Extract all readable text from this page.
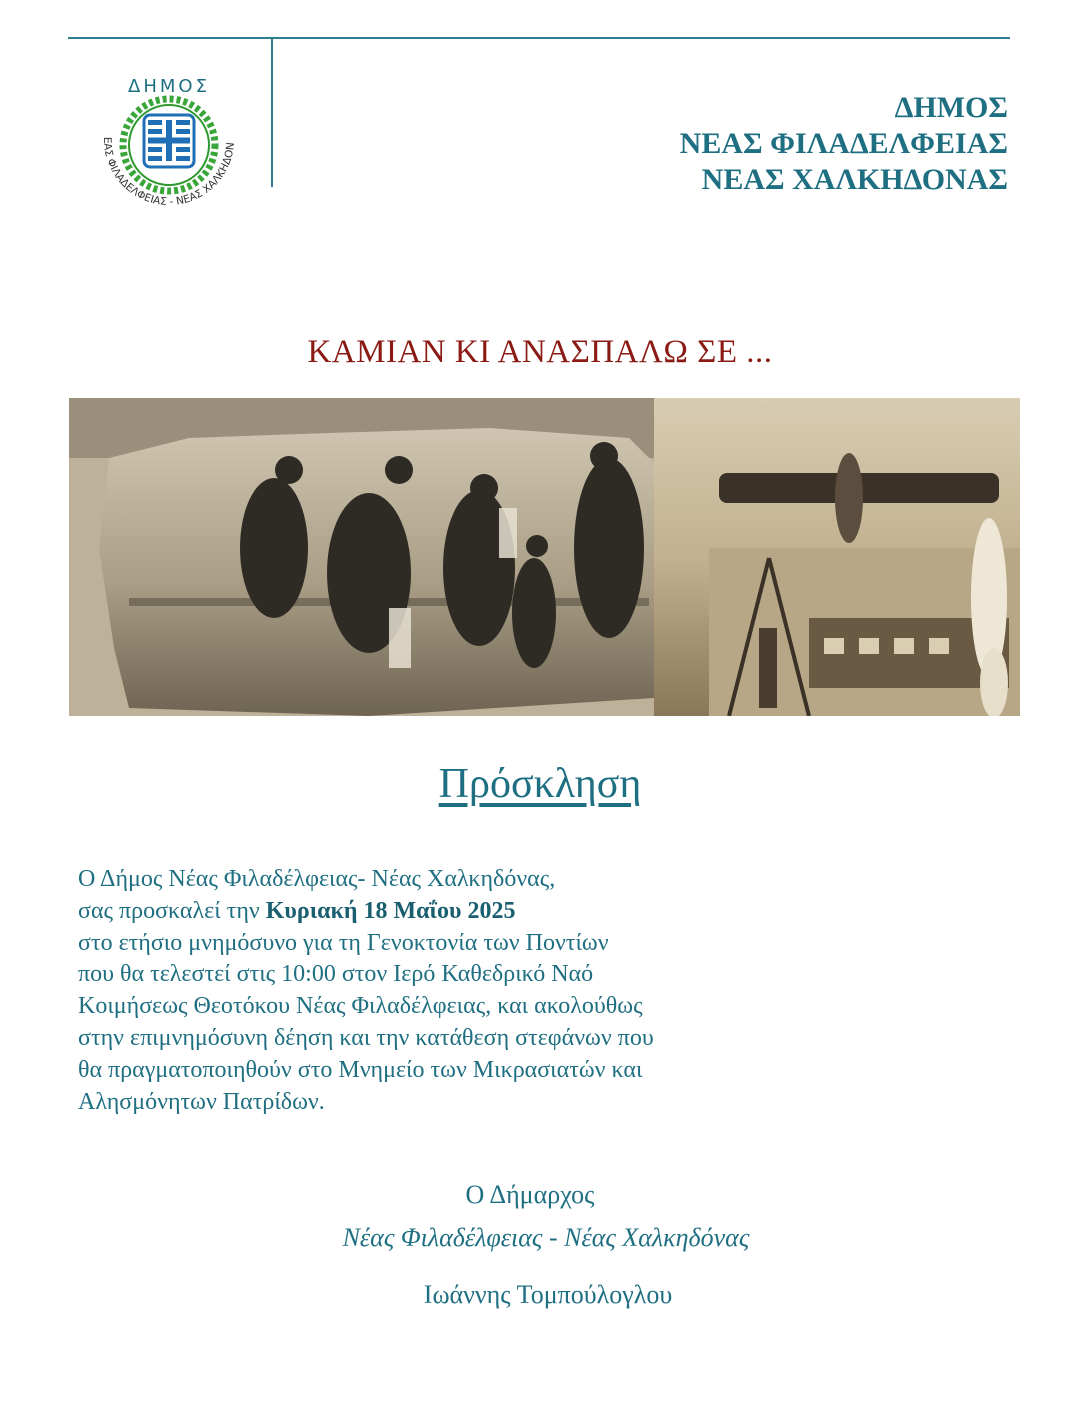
ΔΗΜΟΣ
ΕΑΣ ΦΙΛΑΔΕΛΦΕΙΑΣ - ΝΕΑΣ ΧΑΛΚΗΔΟΝ
ΔΗΜΟΣ
ΝΕΑΣ ΦΙΛΑΔΕΛΦΕΙΑΣ
ΝΕΑΣ ΧΑΛΚΗΔΟΝΑΣ
ΚΑΜΙΑΝ ΚΙ ΑΝΑΣΠΑΛΩ ΣΕ ...
Πρόσκληση
Ο Δήμος Νέας Φιλαδέλφειας- Νέας Χαλκηδόνας,
σας προσκαλεί την Κυριακή 18 Μαΐου 2025
στο ετήσιο μνημόσυνο για τη Γενοκτονία των Ποντίων
που θα τελεστεί στις 10:00 στον Ιερό Καθεδρικό Ναό
Κοιμήσεως Θεοτόκου Νέας Φιλαδέλφειας, και ακολούθως
στην επιμνημόσυνη δέηση και την κατάθεση στεφάνων που
θα πραγματοποιηθούν στο Μνημείο των Μικρασιατών και
Αλησμόνητων Πατρίδων.
Ο Δήμαρχος
Νέας Φιλαδέλφειας - Νέας Χαλκηδόνας
Ιωάννης Τομπούλογλου
